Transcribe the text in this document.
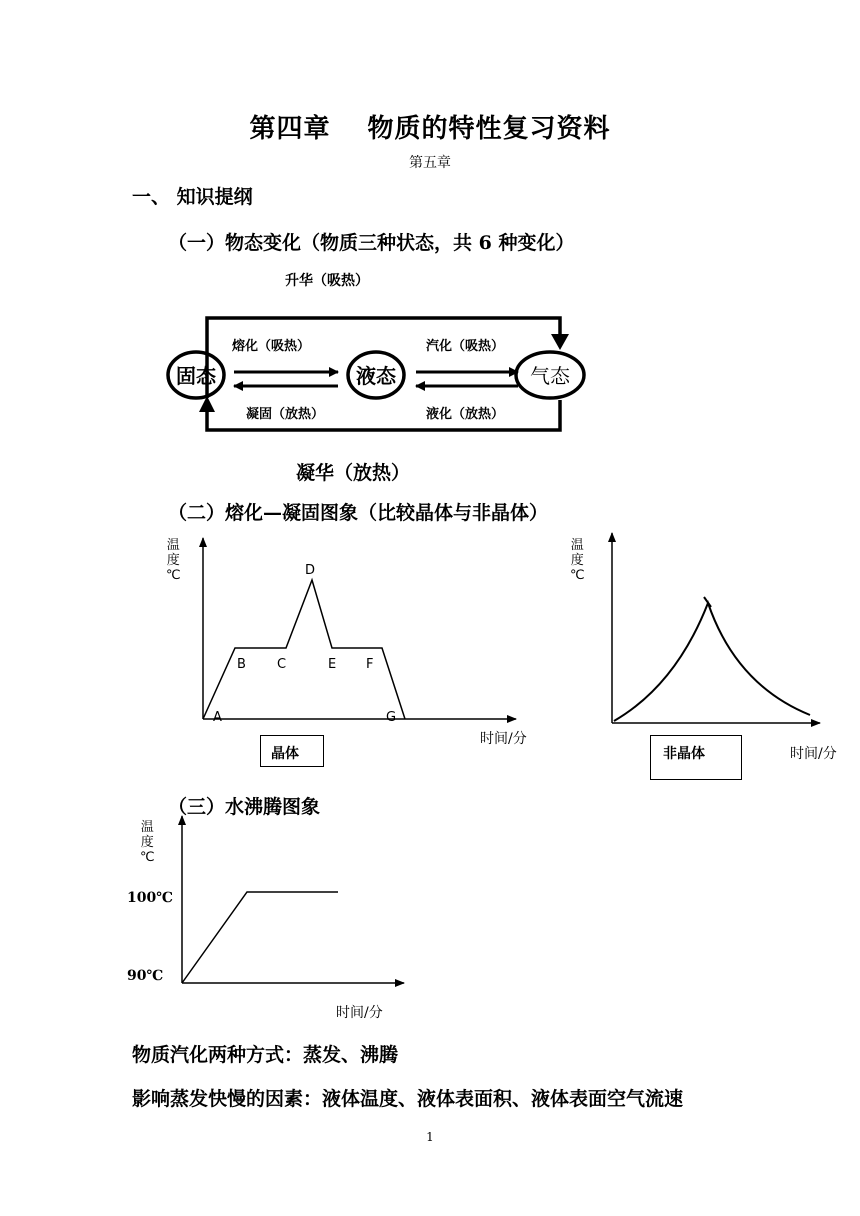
第四章　 物质的特性复习资料
第五章
一、 知识提纲
（一）物态变化（物质三种状态，共 6 种变化）
升华（吸热）
固态	液态	气态
熔化（吸热）
凝固（放热）
汽化（吸热）
液化（放热）
凝华（放热）
（二）熔化—凝固图象（比较晶体与非晶体）
温
度
℃
A
B C
D
E F
G
时间/分
晶体
温
度
℃
时间/分
非晶体
（三）水沸腾图象
温
度
℃
100℃
90℃
时间/分
物质汽化两种方式：蒸发、沸腾
影响蒸发快慢的因素：液体温度、液体表面积、液体表面空气流速
1
